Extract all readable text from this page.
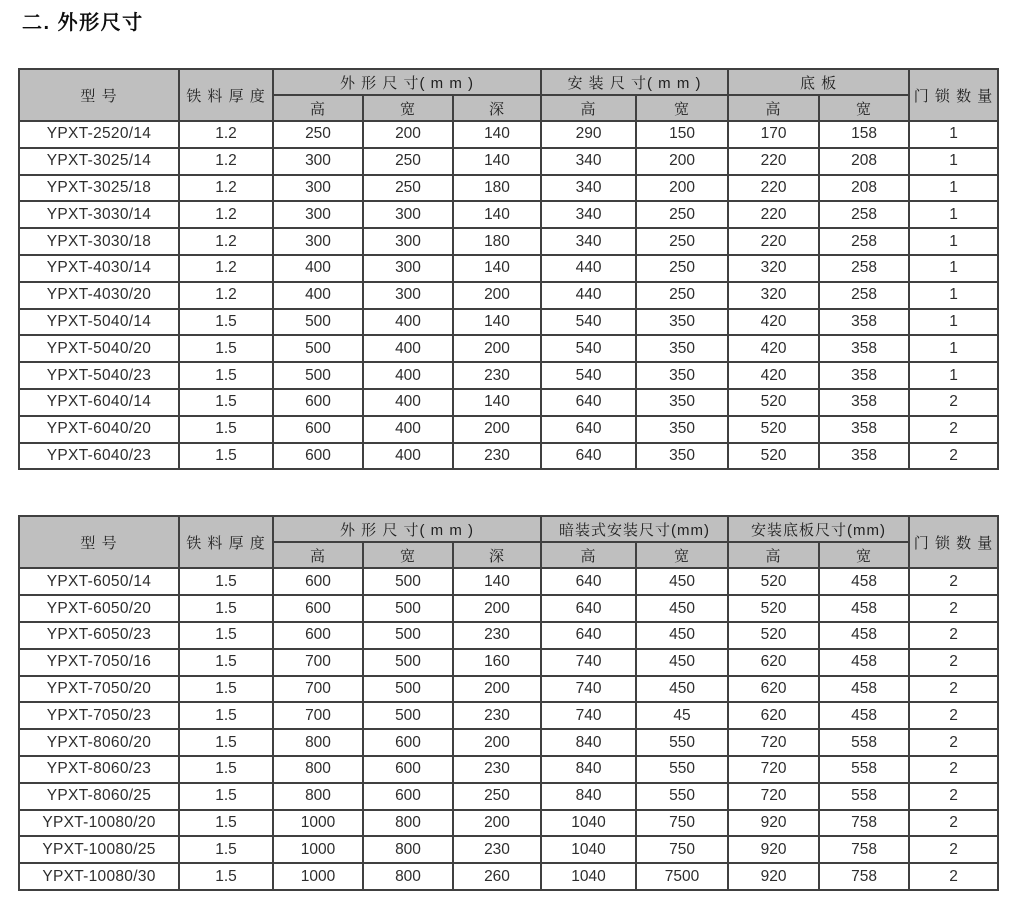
二. 外形尺寸
型 号	铁 料 厚 度	外 形 尺 寸( m m )			安 装 尺 寸( m m )		底 板		门 锁 数 量
		高	宽	深	高	宽	高	宽	
YPXT-2520/14	1.2	250	200	140	290	150	170	158	1
YPXT-3025/14	1.2	300	250	140	340	200	220	208	1
YPXT-3025/18	1.2	300	250	180	340	200	220	208	1
YPXT-3030/14	1.2	300	300	140	340	250	220	258	1
YPXT-3030/18	1.2	300	300	180	340	250	220	258	1
YPXT-4030/14	1.2	400	300	140	440	250	320	258	1
YPXT-4030/20	1.2	400	300	200	440	250	320	258	1
YPXT-5040/14	1.5	500	400	140	540	350	420	358	1
YPXT-5040/20	1.5	500	400	200	540	350	420	358	1
YPXT-5040/23	1.5	500	400	230	540	350	420	358	1
YPXT-6040/14	1.5	600	400	140	640	350	520	358	2
YPXT-6040/20	1.5	600	400	200	640	350	520	358	2
YPXT-6040/23	1.5	600	400	230	640	350	520	358	2
型 号	铁 料 厚 度	外 形 尺 寸( m m )			暗装式安装尺寸(mm)		安装底板尺寸(mm)		门 锁 数 量
		高	宽	深	高	宽	高	宽	
YPXT-6050/14	1.5	600	500	140	640	450	520	458	2
YPXT-6050/20	1.5	600	500	200	640	450	520	458	2
YPXT-6050/23	1.5	600	500	230	640	450	520	458	2
YPXT-7050/16	1.5	700	500	160	740	450	620	458	2
YPXT-7050/20	1.5	700	500	200	740	450	620	458	2
YPXT-7050/23	1.5	700	500	230	740	45	620	458	2
YPXT-8060/20	1.5	800	600	200	840	550	720	558	2
YPXT-8060/23	1.5	800	600	230	840	550	720	558	2
YPXT-8060/25	1.5	800	600	250	840	550	720	558	2
YPXT-10080/20	1.5	1000	800	200	1040	750	920	758	2
YPXT-10080/25	1.5	1000	800	230	1040	750	920	758	2
YPXT-10080/30	1.5	1000	800	260	1040	7500	920	758	2
